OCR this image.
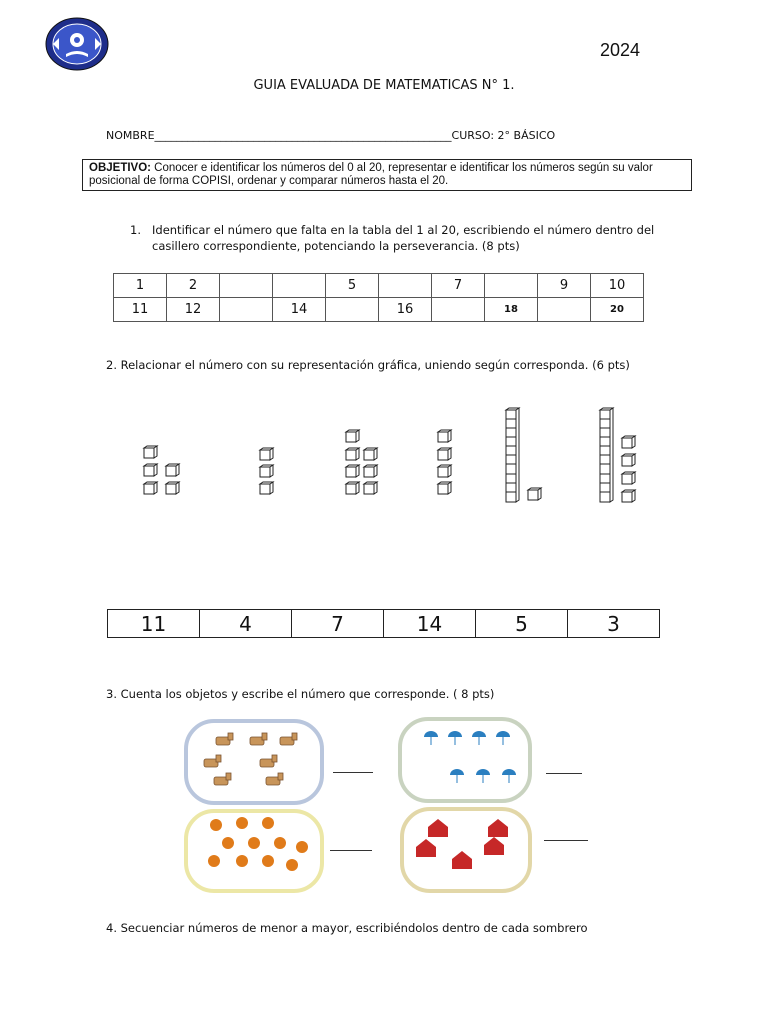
2024
GUIA EVALUADA DE MATEMATICAS N° 1.
NOMBRE______________________________________________________CURSO: 2° BÁSICO
OBJETIVO: Conocer e identificar los números del 0 al 20, representar e identificar los números según su valor posicional de forma COPISI, ordenar y comparar números hasta el 20.
1. Identificar el número que falta en la tabla del 1 al 20, escribiendo el número dentro del casillero correspondiente, potenciando la perseverancia. (8 pts)
1	2			5		7		9	10
11	12		14		16		18		20
2. Relacionar el número con su representación gráfica, uniendo según corresponda. (6 pts)
11	4	7	14	5	3
3. Cuenta los objetos y escribe el número que corresponde. ( 8 pts)
4. Secuenciar números de menor a mayor, escribiéndolos dentro de cada sombrero
